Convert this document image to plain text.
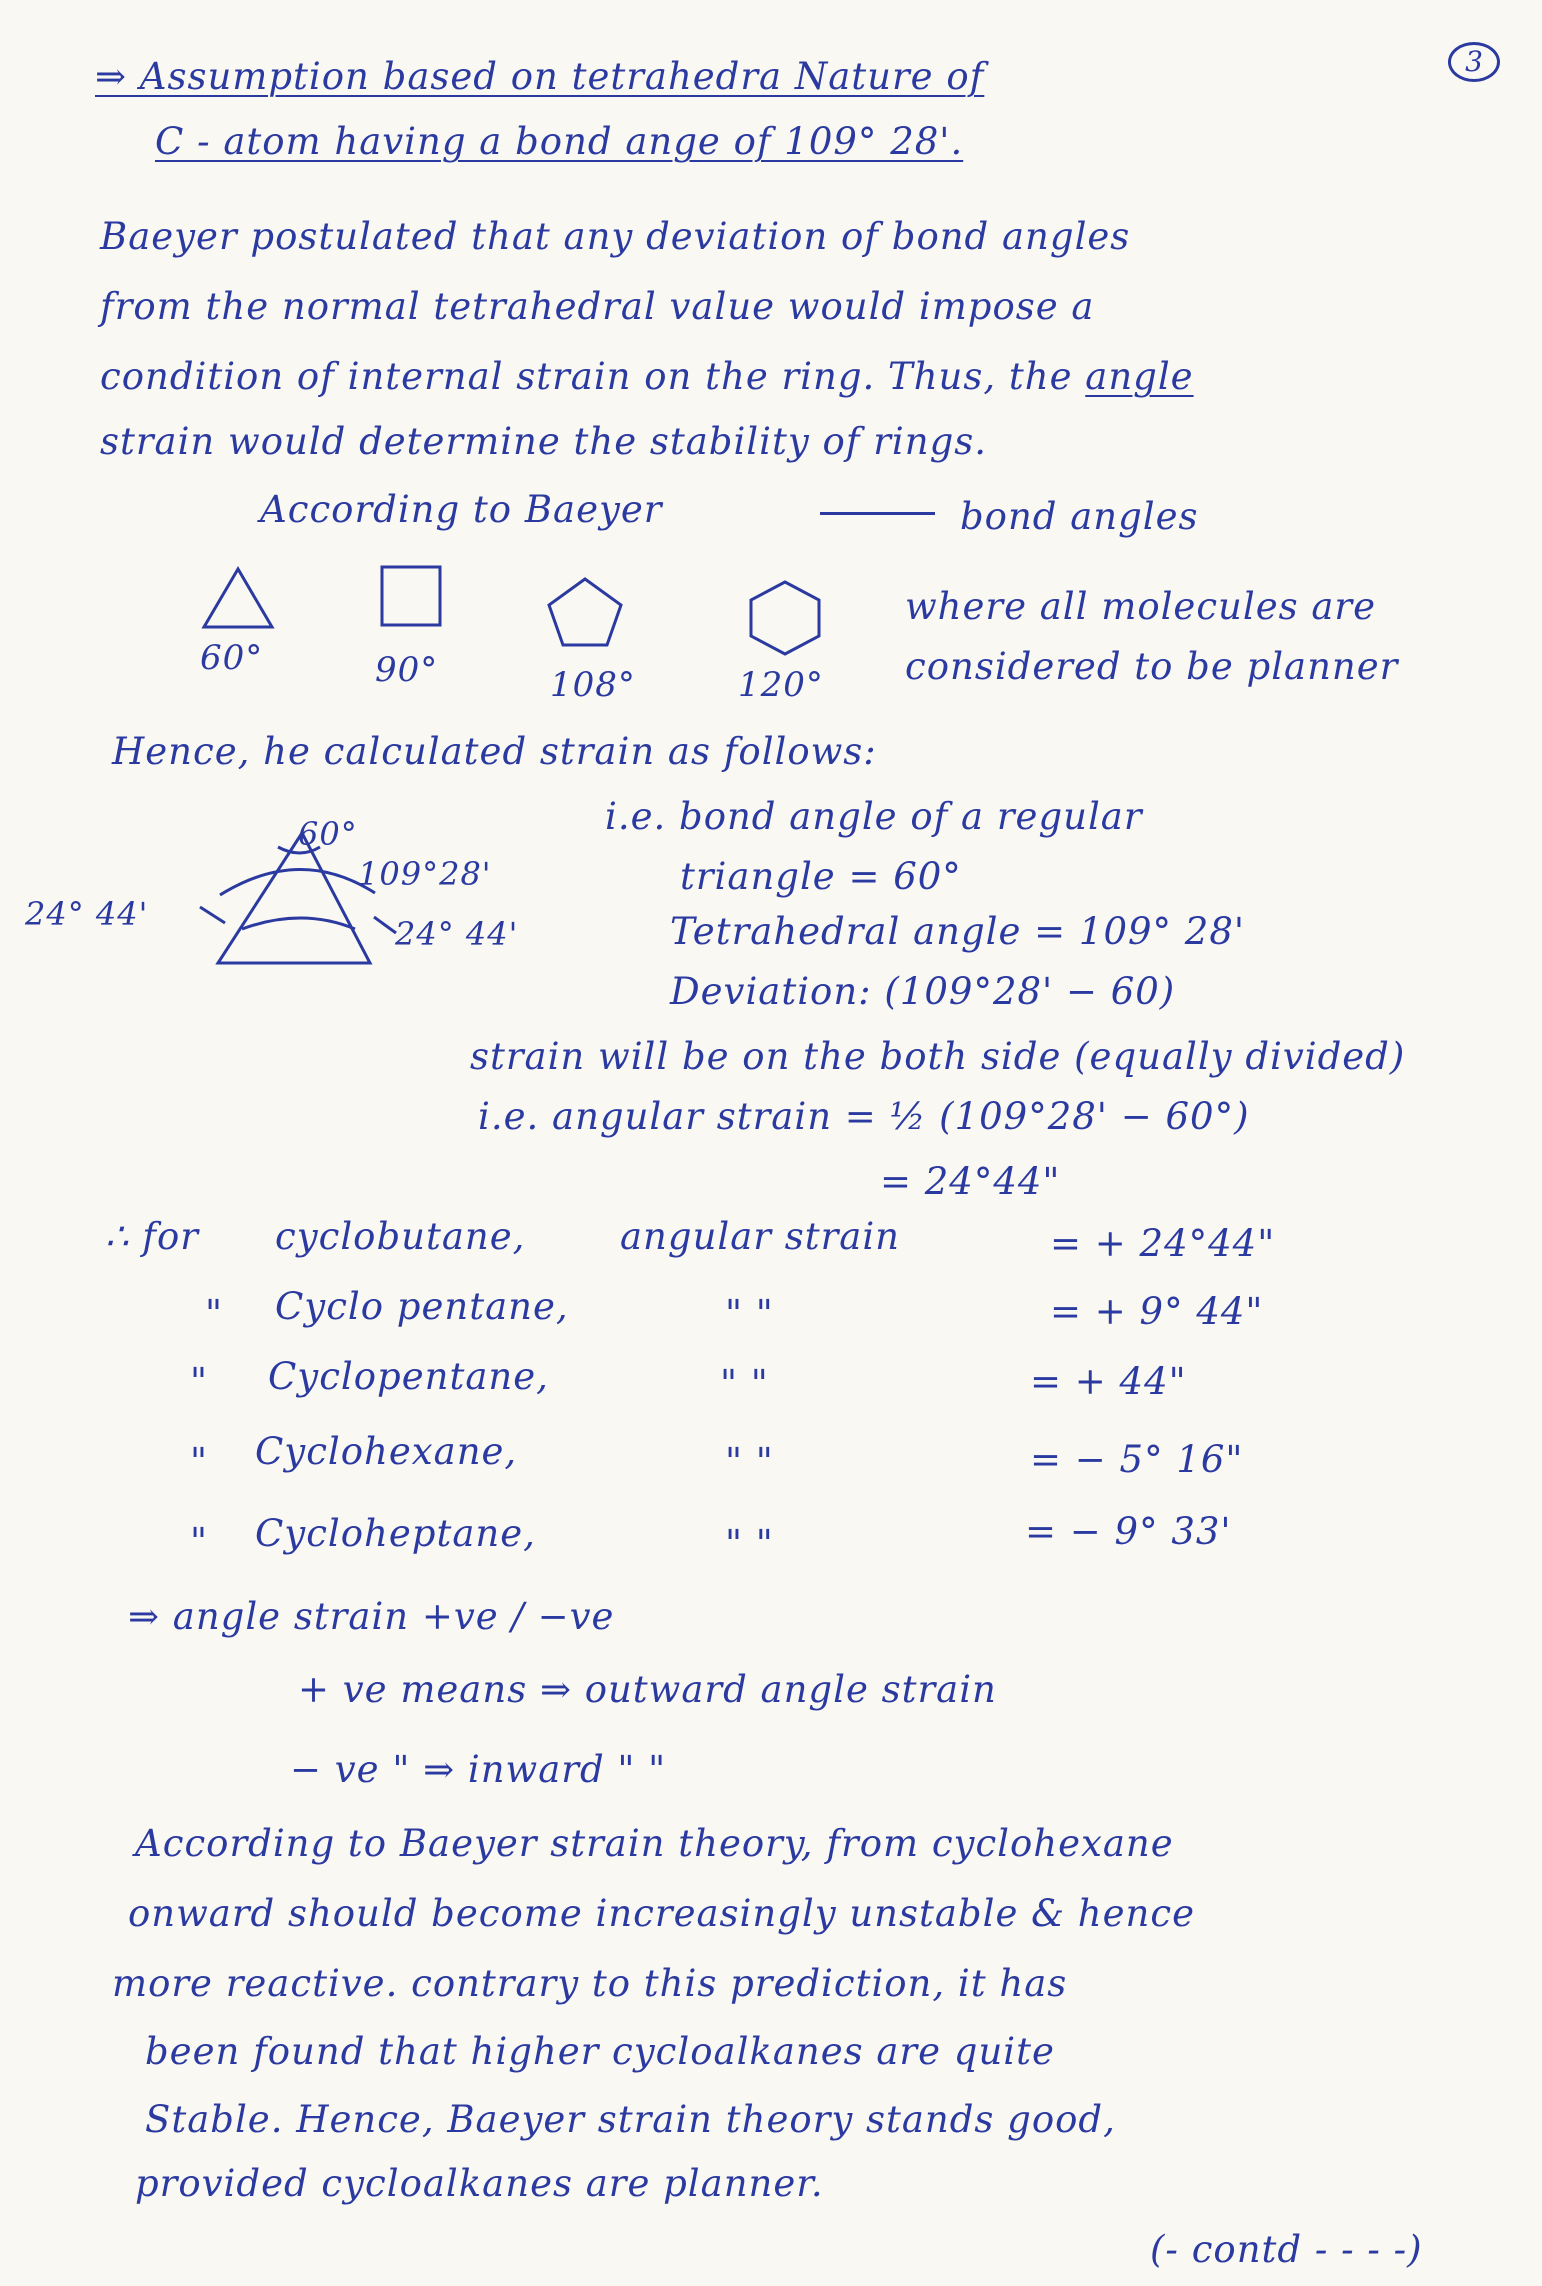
3
⇒ Assumption based on tetrahedra Nature of
C - atom having a bond ange of 109° 28'.
Baeyer postulated that any deviation of bond angles
from the normal tetrahedral value would impose a
condition of internal strain on the ring. Thus, the angle
strain would determine the stability of rings.
According to Baeyer	bond angles
60°	90°	108°	120°
where all molecules are
considered to be planner
Hence, he calculated strain as follows:
60°
109°28'
24° 44'
24° 44'
i.e. bond angle of a regular
triangle = 60°
Tetrahedral angle = 109° 28'
Deviation: (109°28' − 60)
strain will be on the both side (equally divided)
i.e. angular strain = ½ (109°28' − 60°)
= 24°44"
∴ for cyclobutane,	angular strain	= + 24°44"
" Cyclo pentane,	" "	= + 9° 44"
" Cyclopentane,	" "	= + 44"
" Cyclohexane,	" "	= − 5° 16"
" Cycloheptane,	" "	= − 9° 33'
⇒ angle strain +ve / −ve
+ ve means ⇒ outward angle strain
− ve " ⇒ inward " "
According to Baeyer strain theory, from cyclohexane
onward should become increasingly unstable & hence
more reactive. contrary to this prediction, it has
been found that higher cycloalkanes are quite
Stable. Hence, Baeyer strain theory stands good,
provided cycloalkanes are planner.
(- contd - - - -)
